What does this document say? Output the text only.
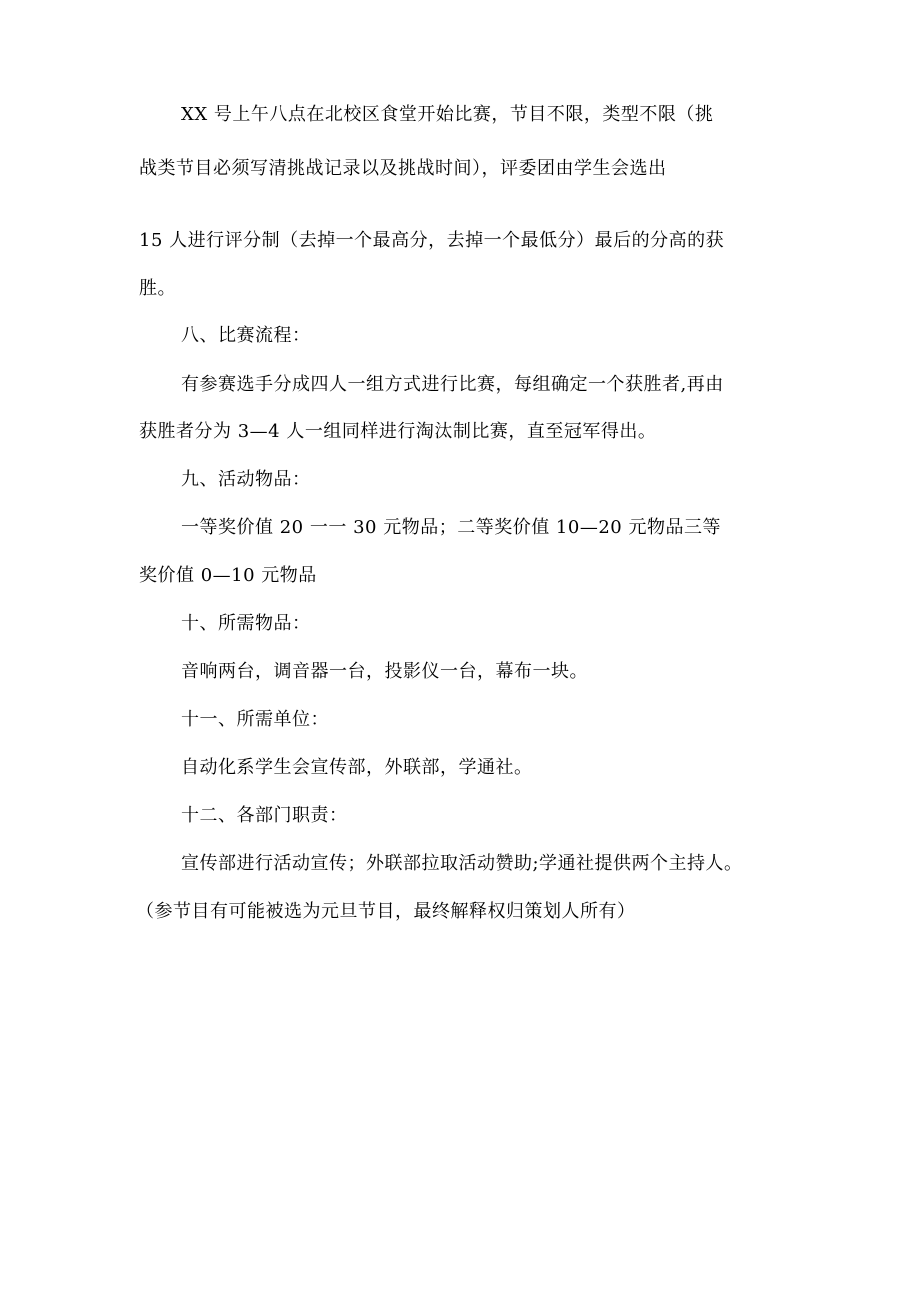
XX 号上午八点在北校区食堂开始比赛，节目不限，类型不限（挑
战类节目必须写清挑战记录以及挑战时间），评委团由学生会选出
15 人进行评分制（去掉一个最高分，去掉一个最低分）最后的分高的获
胜。
八、比赛流程：
有参赛选手分成四人一组方式进行比赛，每组确定一个获胜者,再由
获胜者分为 3—4 人一组同样进行淘汰制比赛，直至冠军得出。
九、活动物品：
一等奖价值 20 一一 30 元物品；二等奖价值 10—20 元物品三等
奖价值 0—10 元物品
十、所需物品：
音响两台，调音器一台，投影仪一台，幕布一块。
十一、所需单位：
自动化系学生会宣传部，外联部，学通社。
十二、各部门职责：
宣传部进行活动宣传；外联部拉取活动赞助;学通社提供两个主持人。
（参节目有可能被选为元旦节目，最终解释权归策划人所有）
